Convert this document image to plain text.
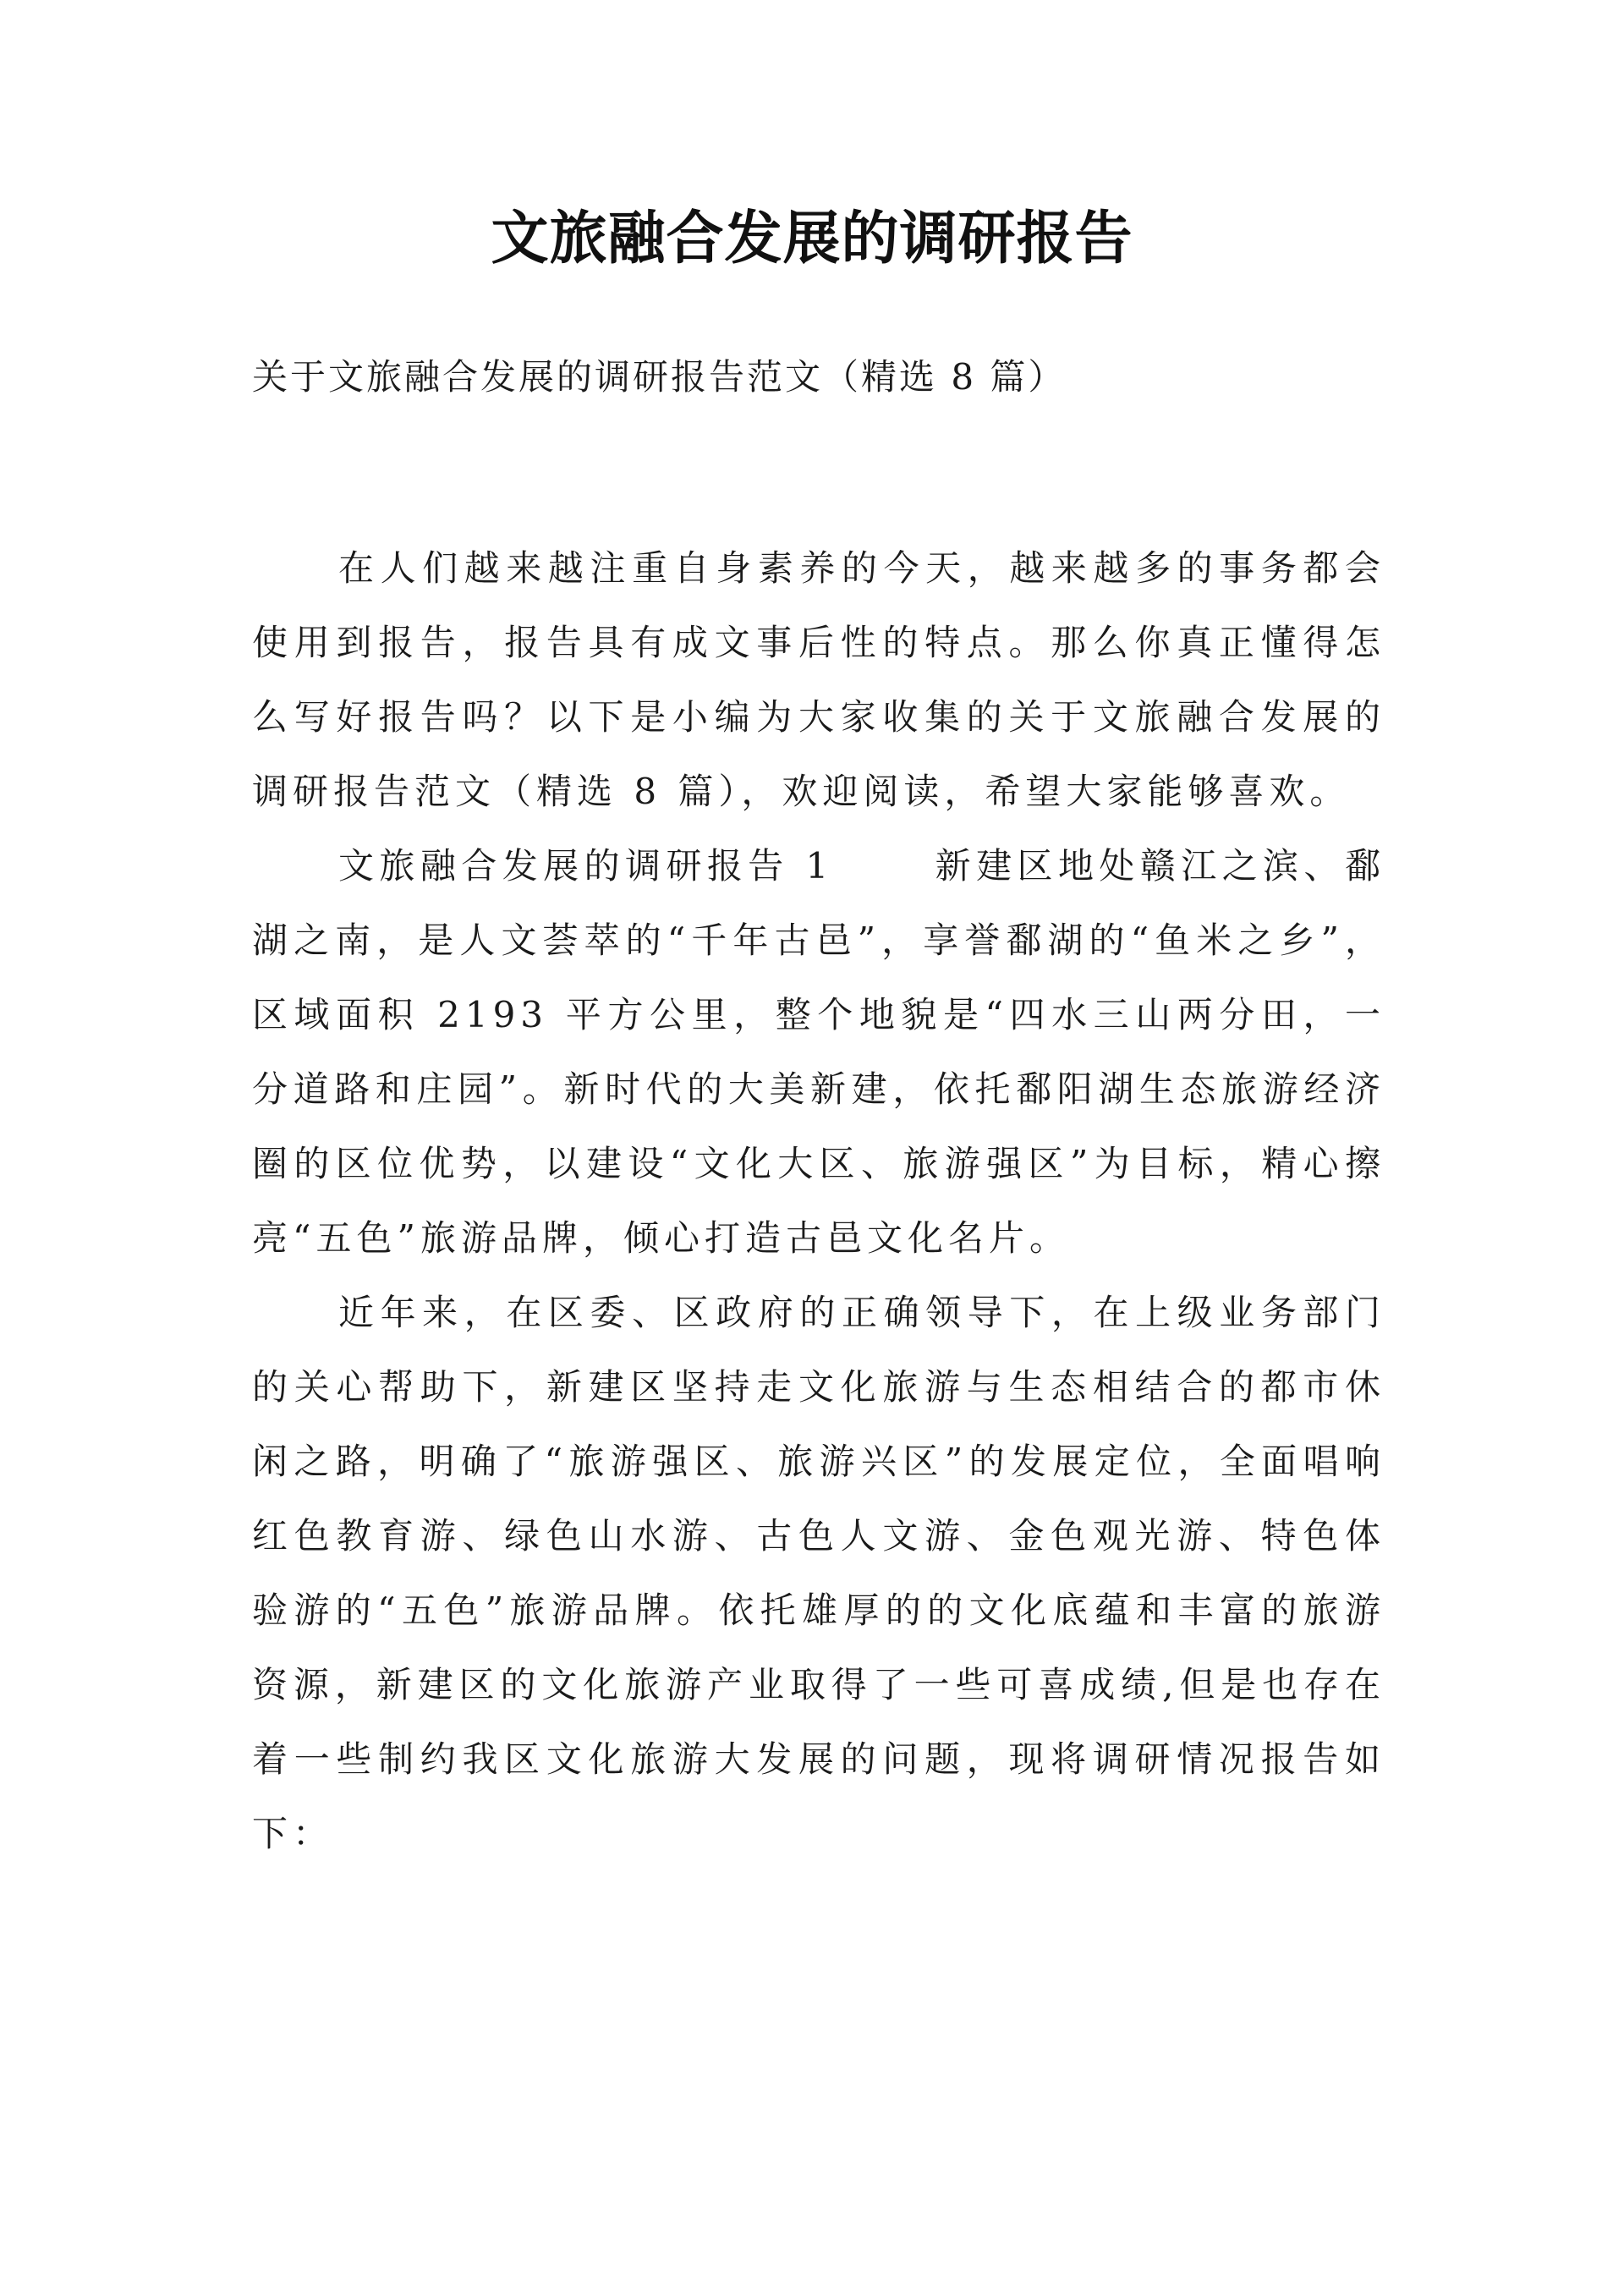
文旅融合发展的调研报告

关于文旅融合发展的调研报告范文（精选 8 篇）

在人们越来越注重自身素养的今天，越来越多的事务都会使用到报告，报告具有成文事后性的特点。那么你真正懂得怎么写好报告吗？以下是小编为大家收集的关于文旅融合发展的调研报告范文（精选 8 篇），欢迎阅读，希望大家能够喜欢。

文旅融合发展的调研报告 1	新建区地处赣江之滨、鄱湖之南，是人文荟萃的“千年古邑”，享誉鄱湖的“鱼米之乡”，区域面积 2193 平方公里，整个地貌是“四水三山两分田，一分道路和庄园”。新时代的大美新建，依托鄱阳湖生态旅游经济圈的区位优势，以建设“文化大区、旅游强区”为目标，精心擦亮“五色”旅游品牌，倾心打造古邑文化名片。

近年来，在区委、区政府的正确领导下，在上级业务部门的关心帮助下，新建区坚持走文化旅游与生态相结合的都市休闲之路，明确了“旅游强区、旅游兴区”的发展定位，全面唱响红色教育游、绿色山水游、古色人文游、金色观光游、特色体验游的“五色”旅游品牌。依托雄厚的的文化底蕴和丰富的旅游资源，新建区的文化旅游产业取得了一些可喜成绩,但是也存在着一些制约我区文化旅游大发展的问题，现将调研情况报告如下：
